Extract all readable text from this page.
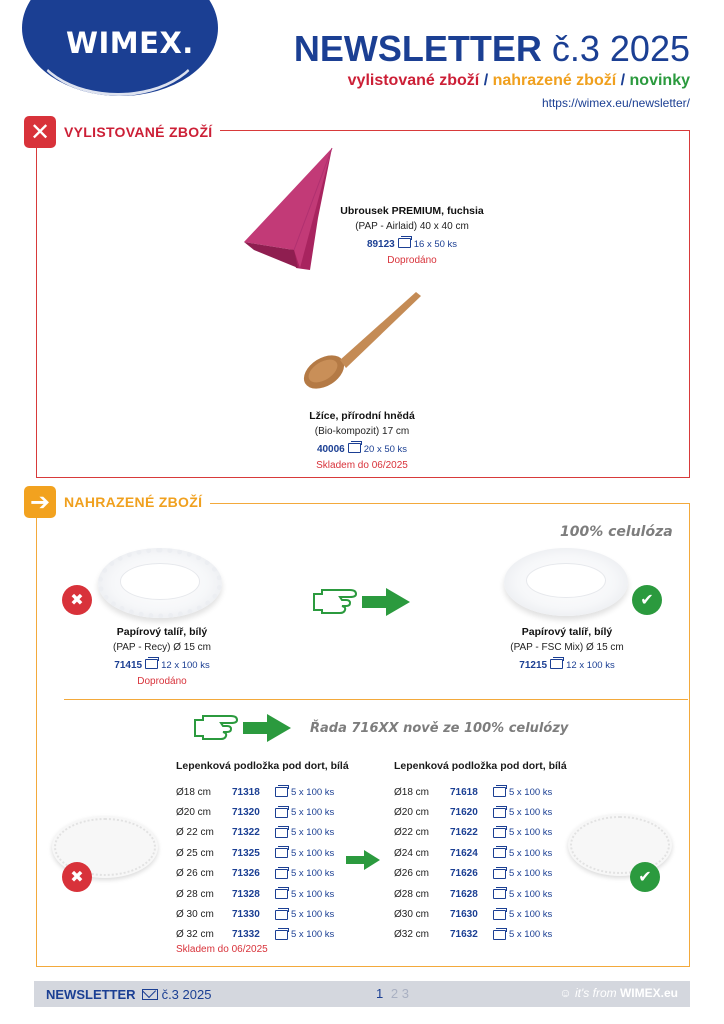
WIMEX.	NEWSLETTER č.3 2025
vylistované zboží / nahrazené zboží / novinky
https://wimex.eu/newsletter/
✕ VYLISTOVANÉ ZBOŽÍ
Ubrousek PREMIUM, fuchsia
(PAP - Airlaid) 40 x 40 cm
89123 16 x 50 ks
Doprodáno
Lžíce, přírodní hnědá
(Bio-kompozit) 17 cm
40006 20 x 50 ks
Skladem do 06/2025
➔ NAHRAZENÉ ZBOŽÍ
100% celulóza
✖	✔
Papírový talíř, bílý
(PAP - Recy) Ø 15 cm
71415 12 x 100 ks
Doprodáno
Papírový talíř, bílý
(PAP - FSC Mix) Ø 15 cm
71215 12 x 100 ks
Řada 716XX nově ze 100% celulózy
Lepenková podložka pod dort, bílá
Ø18 cm	71318	5 x 100 ks
Ø20 cm	71320	5 x 100 ks
Ø 22 cm	71322	5 x 100 ks
Ø 25 cm	71325	5 x 100 ks
Ø 26 cm	71326	5 x 100 ks
Ø 28 cm	71328	5 x 100 ks
Ø 30 cm	71330	5 x 100 ks
Ø 32 cm	71332	5 x 100 ks
Skladem do 06/2025
Lepenková podložka pod dort, bílá
Ø18 cm	71618	5 x 100 ks
Ø20 cm	71620	5 x 100 ks
Ø22 cm	71622	5 x 100 ks
Ø24 cm	71624	5 x 100 ks
Ø26 cm	71626	5 x 100 ks
Ø28 cm	71628	5 x 100 ks
Ø30 cm	71630	5 x 100 ks
Ø32 cm	71632	5 x 100 ks
✖	✔
NEWSLETTER č.3 2025	1 2 3	☺ it's from WIMEX.eu
